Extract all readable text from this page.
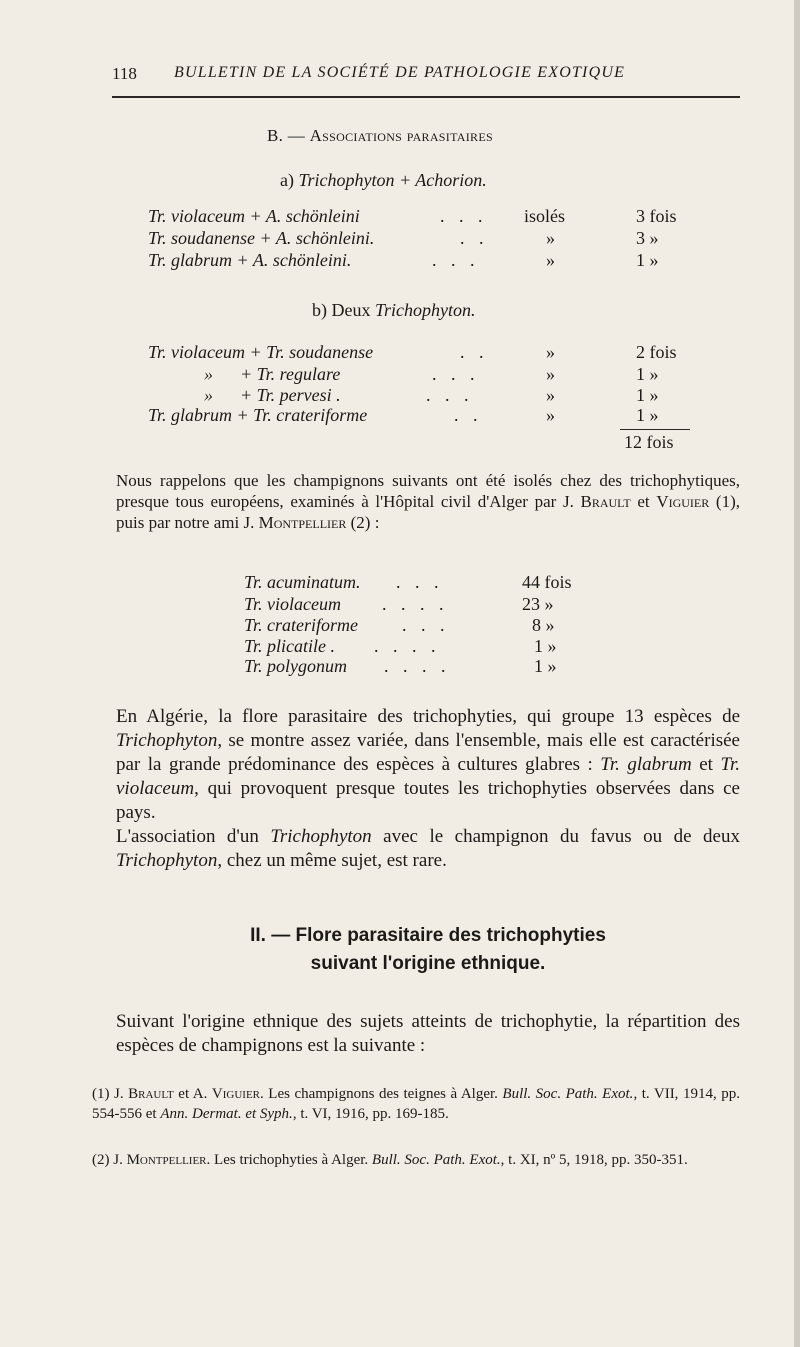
118 BULLETIN DE LA SOCIÉTÉ DE PATHOLOGIE EXOTIQUE
B. — Associations parasitaires
a) Trichophyton + Achorion.
Tr. violaceum + A. schönleini	. . . isolés	3 fois
Tr. soudanense + A. schönleini.	. .	»	3 »
Tr. glabrum + A. schönleini.	. . .	»	1 »
b) Deux Trichophyton.
Tr. violaceum + Tr. soudanense	. .	»	2 fois
»      + Tr. regulare	. . .	»	1 »
»      + Tr. pervesi .	. . .	»	1 »
Tr. glabrum + Tr. crateriforme	. .	»	1 »
12 fois
Nous rappelons que les champignons suivants ont été isolés chez des trichophytiques, presque tous européens, examinés à l'Hôpital civil d'Alger par J. Brault et Viguier (1), puis par notre ami J. Montpellier (2) :
Tr. acuminatum. . . .	44 fois
Tr. violaceum . . . .	23 »
Tr. crateriforme . . .	8 »
Tr. plicatile . . . . .	1 »
Tr. polygonum . . . .	1 »
En Algérie, la flore parasitaire des trichophyties, qui groupe 13 espèces de Trichophyton, se montre assez variée, dans l'ensemble, mais elle est caractérisée par la grande prédominance des espèces à cultures glabres : Tr. glabrum et Tr. violaceum, qui provoquent presque toutes les trichophyties observées dans ce pays.
L'association d'un Trichophyton avec le champignon du favus ou de deux Trichophyton, chez un même sujet, est rare.
II. — Flore parasitaire des trichophyties
suivant l'origine ethnique.
Suivant l'origine ethnique des sujets atteints de trichophytie, la répartition des espèces de champignons est la suivante :
(1) J. Brault et A. Viguier. Les champignons des teignes à Alger. Bull. Soc. Path. Exot., t. VII, 1914, pp. 554-556 et Ann. Dermat. et Syph., t. VI, 1916, pp. 169-185.
(2) J. Montpellier. Les trichophyties à Alger. Bull. Soc. Path. Exot., t. XI, nº 5, 1918, pp. 350-351.
